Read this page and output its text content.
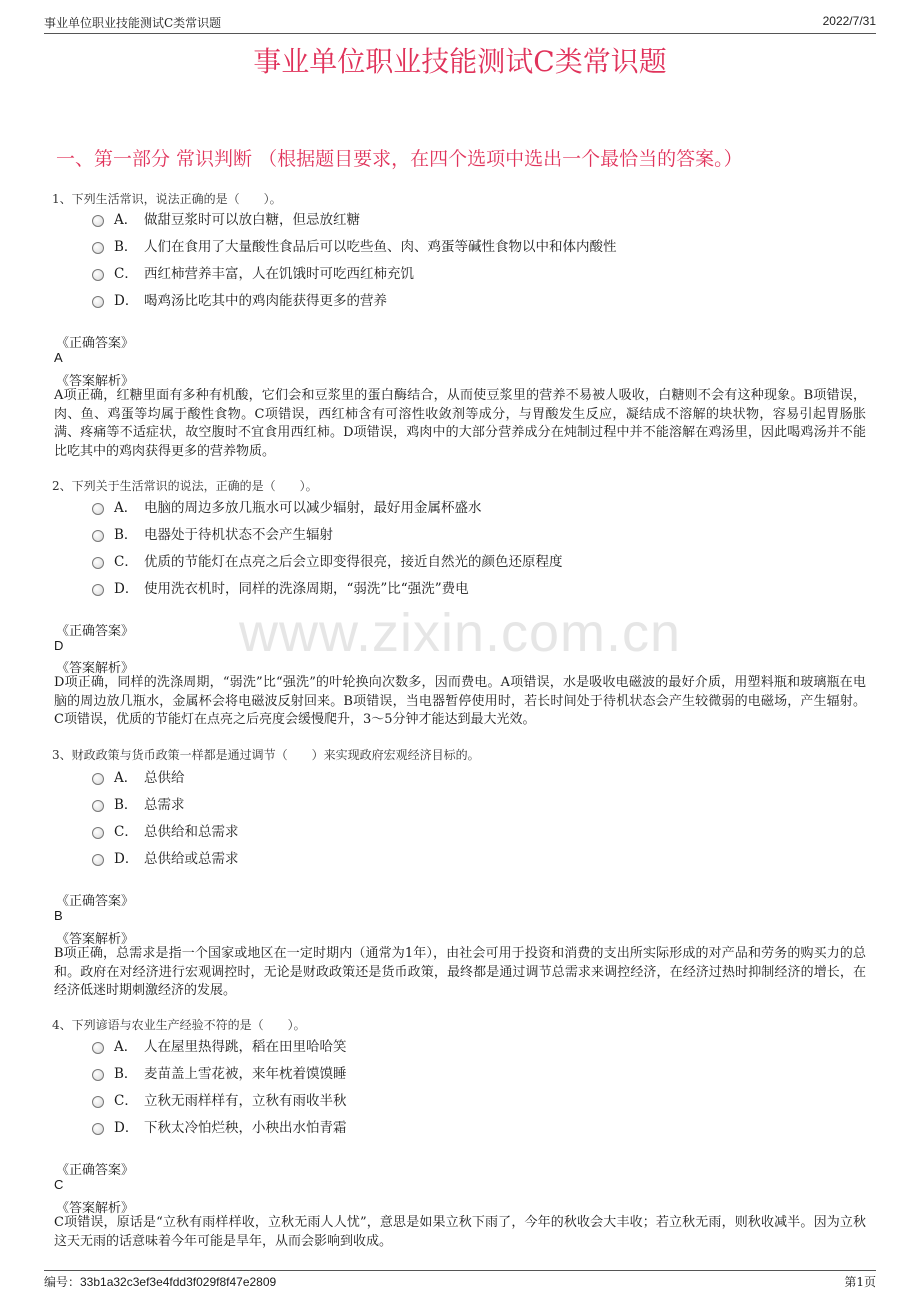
事业单位职业技能测试C类常识题	2022/7/31
www.zixin.com.cn
事业单位职业技能测试C类常识题
一、第一部分 常识判断 （根据题目要求，在四个选项中选出一个最恰当的答案。）
1、下列生活常识，说法正确的是（　　）。
A． 做甜豆浆时可以放白糖，但忌放红糖
B． 人们在食用了大量酸性食品后可以吃些鱼、肉、鸡蛋等碱性食物以中和体内酸性
C． 西红柿营养丰富，人在饥饿时可吃西红柿充饥
D． 喝鸡汤比吃其中的鸡肉能获得更多的营养
《正确答案》
A
《答案解析》
A项正确，红糖里面有多种有机酸，它们会和豆浆里的蛋白酶结合，从而使豆浆里的营养不易被人吸收，白糖则不会有这种现象。B项错误，肉、鱼、鸡蛋等均属于酸性食物。C项错误，西红柿含有可溶性收敛剂等成分，与胃酸发生反应，凝结成不溶解的块状物，容易引起胃肠胀满、疼痛等不适症状，故空腹时不宜食用西红柿。D项错误，鸡肉中的大部分营养成分在炖制过程中并不能溶解在鸡汤里，因此喝鸡汤并不能比吃其中的鸡肉获得更多的营养物质。
2、下列关于生活常识的说法，正确的是（　　）。
A． 电脑的周边多放几瓶水可以减少辐射，最好用金属杯盛水
B． 电器处于待机状态不会产生辐射
C． 优质的节能灯在点亮之后会立即变得很亮，接近自然光的颜色还原程度
D． 使用洗衣机时，同样的洗涤周期，“弱洗”比“强洗”费电
《正确答案》
D
《答案解析》
D项正确，同样的洗涤周期，“弱洗”比“强洗”的叶轮换向次数多，因而费电。A项错误，水是吸收电磁波的最好介质，用塑料瓶和玻璃瓶在电脑的周边放几瓶水，金属杯会将电磁波反射回来。B项错误，当电器暂停使用时，若长时间处于待机状态会产生较微弱的电磁场，产生辐射。C项错误，优质的节能灯在点亮之后亮度会缓慢爬升，3～5分钟才能达到最大光效。
3、财政政策与货币政策一样都是通过调节（　　）来实现政府宏观经济目标的。
A． 总供给
B． 总需求
C． 总供给和总需求
D． 总供给或总需求
《正确答案》
B
《答案解析》
B项正确，总需求是指一个国家或地区在一定时期内（通常为1年），由社会可用于投资和消费的支出所实际形成的对产品和劳务的购买力的总和。政府在对经济进行宏观调控时，无论是财政政策还是货币政策，最终都是通过调节总需求来调控经济，在经济过热时抑制经济的增长，在经济低迷时期刺激经济的发展。
4、下列谚语与农业生产经验不符的是（　　）。
A． 人在屋里热得跳，稻在田里哈哈笑
B． 麦苗盖上雪花被，来年枕着馍馍睡
C． 立秋无雨样样有，立秋有雨收半秋
D． 下秋太冷怕烂秧，小秧出水怕青霜
《正确答案》
C
《答案解析》
C项错误，原话是“立秋有雨样样收，立秋无雨人人忧”，意思是如果立秋下雨了，今年的秋收会大丰收；若立秋无雨，则秋收减半。因为立秋这天无雨的话意味着今年可能是旱年，从而会影响到收成。
编号：33b1a32c3ef3e4fdd3f029f8f47e2809	第1页
